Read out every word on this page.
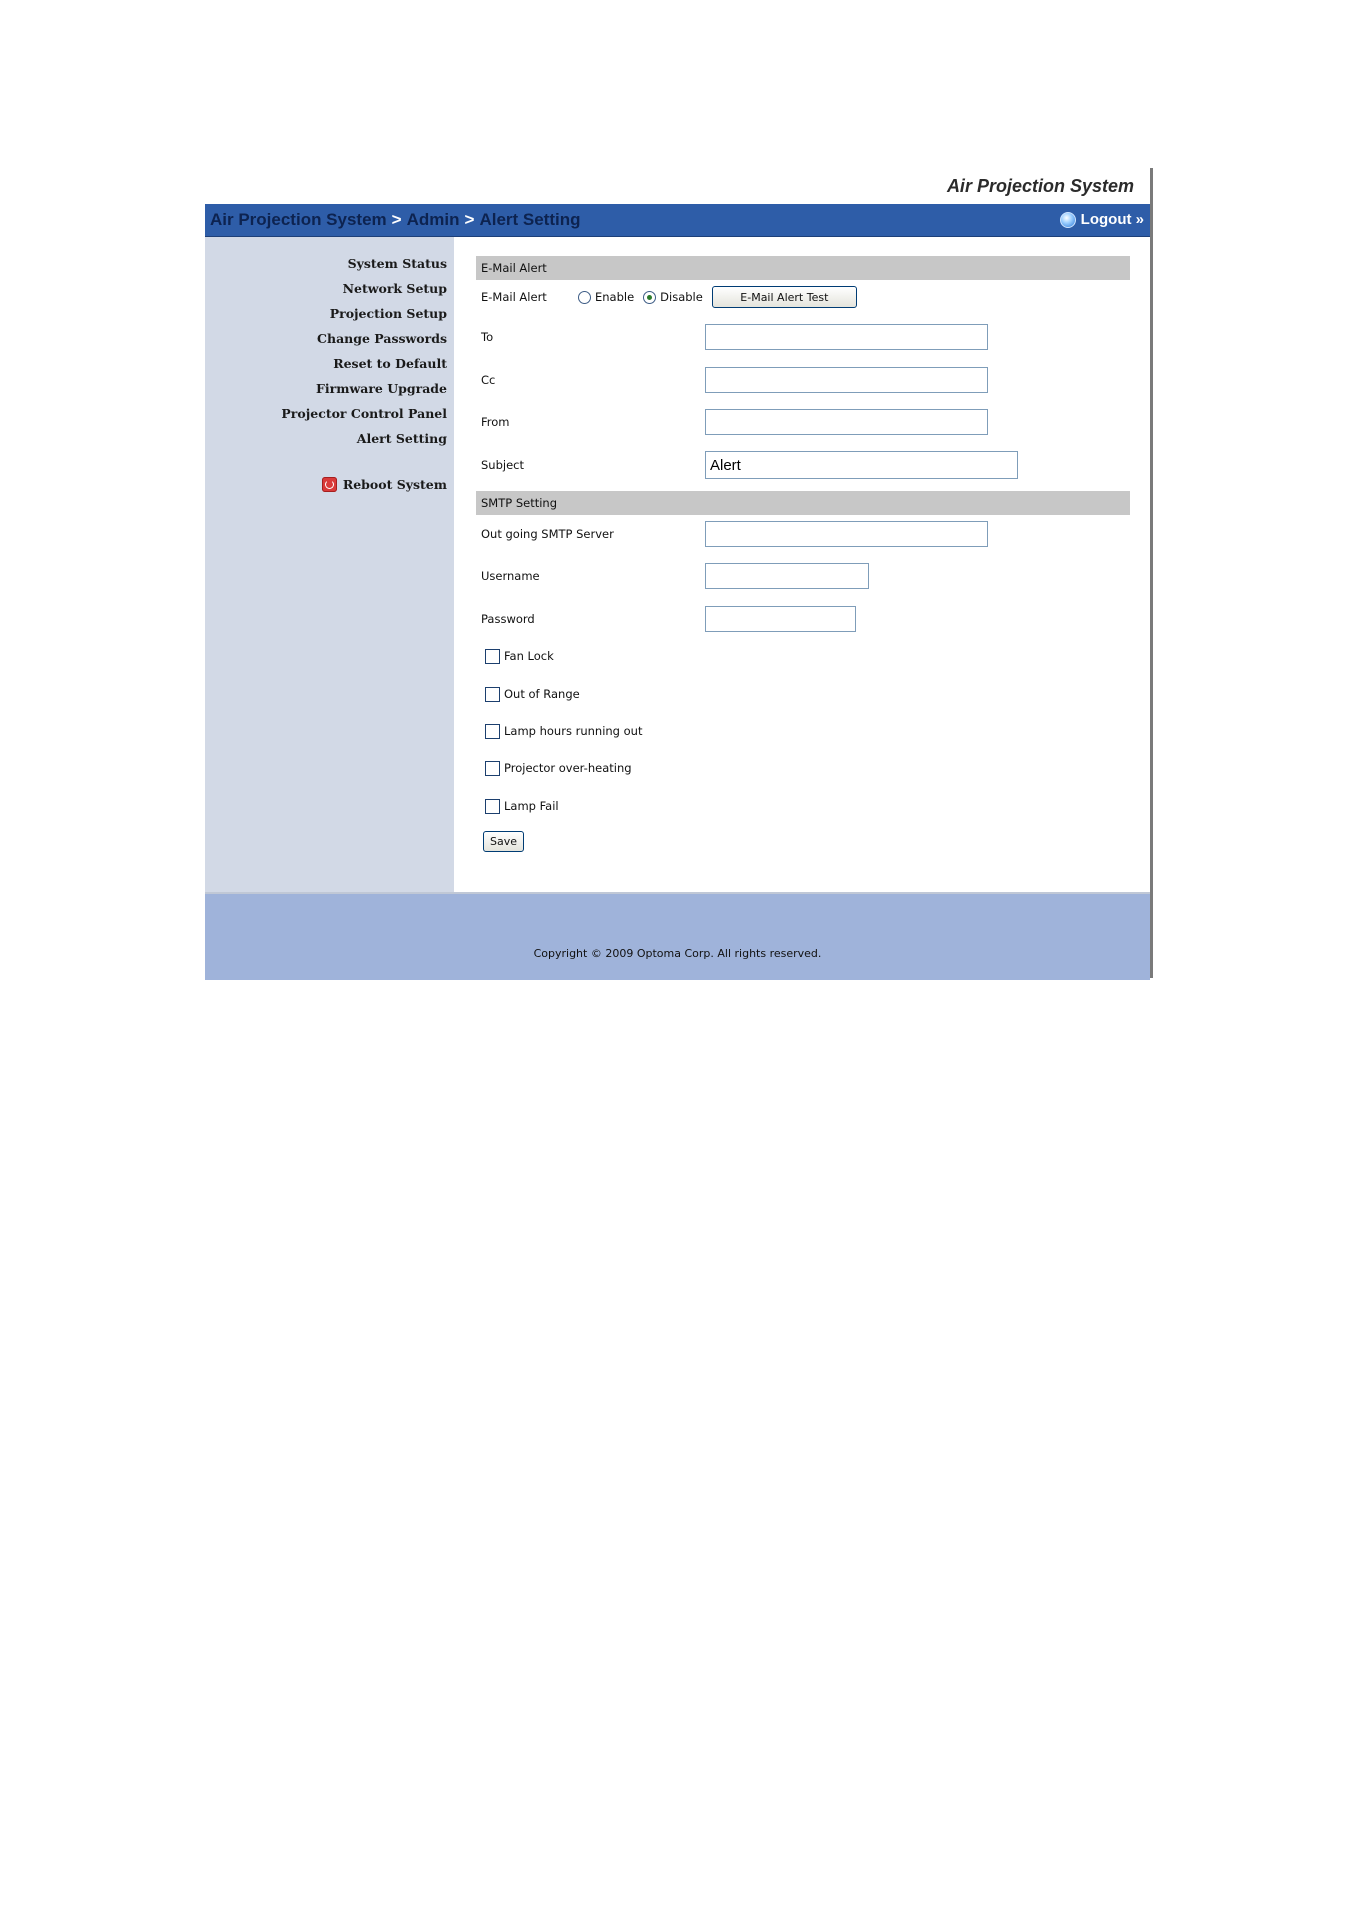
Air Projection System
Air Projection System > Admin > Alert Setting	Logout »
System Status
Network Setup
Projection Setup
Change Passwords
Reset to Default
Firmware Upgrade
Projector Control Panel
Alert Setting
Reboot System
E-Mail Alert
E-Mail Alert	Enable Disable	E-Mail Alert Test
To
Cc
From
Subject
Alert
SMTP Setting
Out going SMTP Server
Username
Password
Fan Lock
Out of Range
Lamp hours running out
Projector over-heating
Lamp Fail
Save
Copyright © 2009 Optoma Corp. All rights reserved.
